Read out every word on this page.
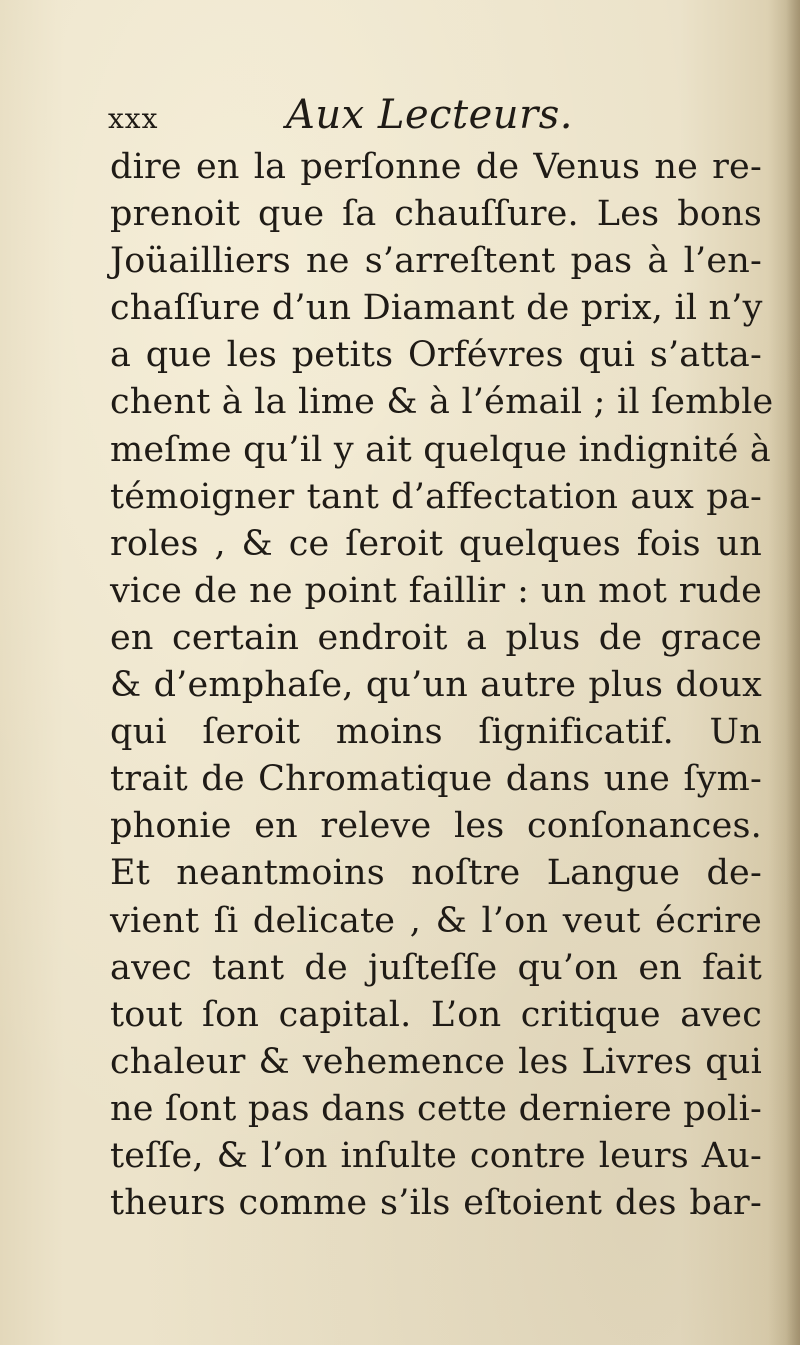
xxx	Aux Lecteurs.
dire en la perſonne de Venus ne re-
prenoit que ſa chauſſure. Les bons
Joüailliers ne s’arreſtent pas à l’en-
chaſſure d’un Diamant de prix, il n’y
a que les petits Orfévres qui s’atta-
chent à la lime & à l’émail ; il ſemble
meſme qu’il y ait quelque indignité à
témoigner tant d’affectation aux pa-
roles , & ce ſeroit quelques fois un
vice de ne point faillir : un mot rude
en certain endroit a plus de grace
& d’emphaſe, qu’un autre plus doux
qui ſeroit moins ſignificatif. Un
trait de Chromatique dans une ſym-
phonie en releve les conſonances.
Et neantmoins noſtre Langue de-
vient ſi delicate , & l’on veut écrire
avec tant de juſteſſe qu’on en fait
tout ſon capital. L’on critique avec
chaleur & vehemence les Livres qui
ne ſont pas dans cette derniere poli-
teſſe, & l’on inſulte contre leurs Au-
theurs comme s’ils eſtoient des bar-
